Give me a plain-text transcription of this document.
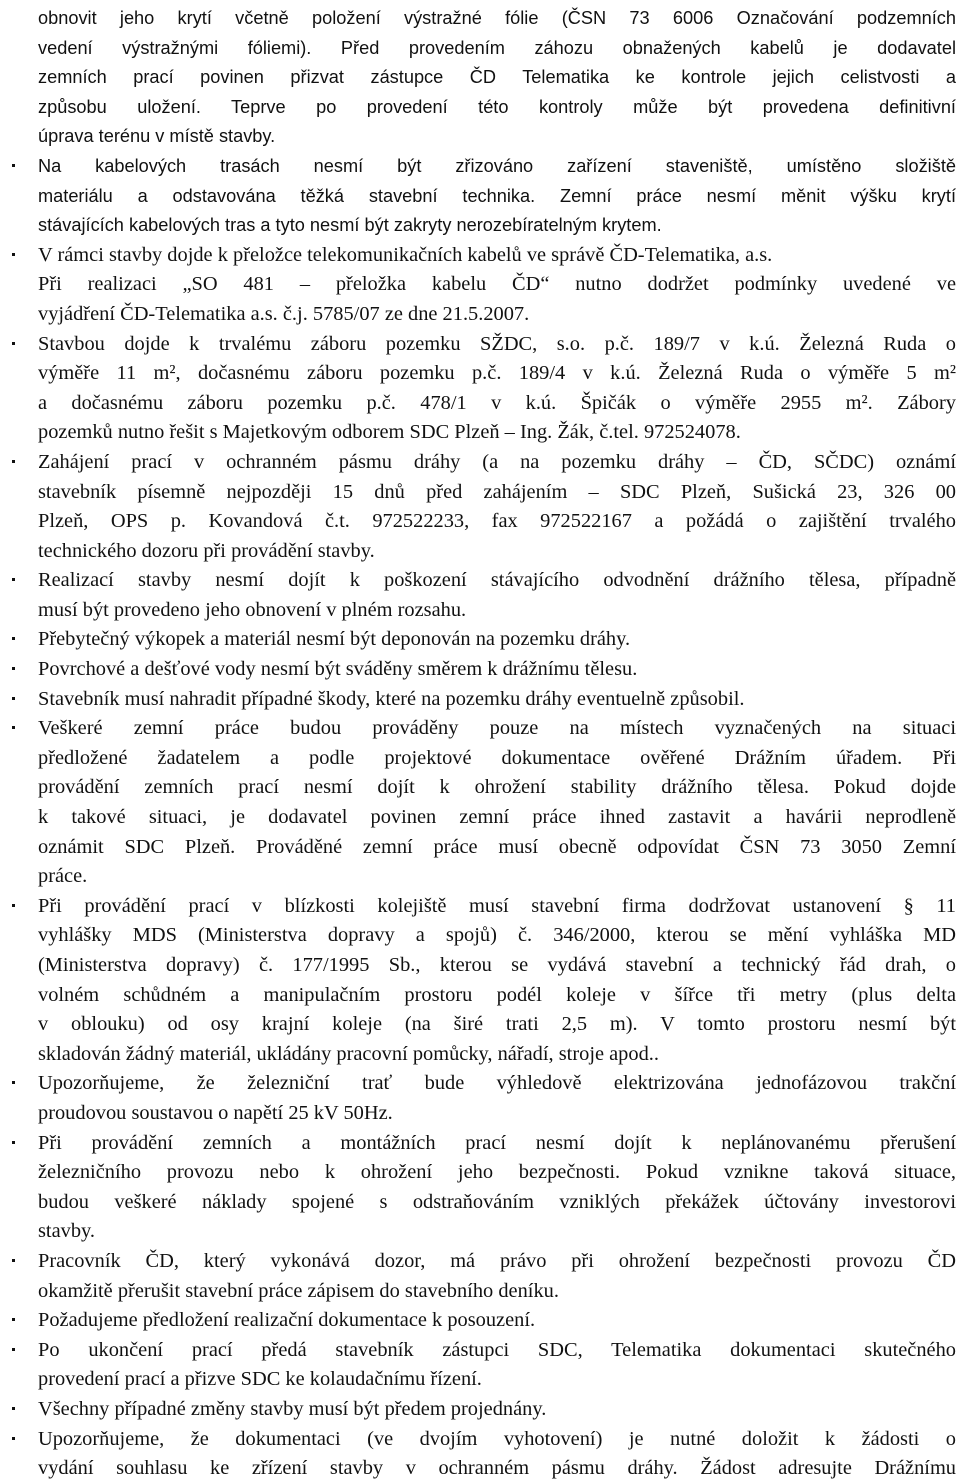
obnovit jeho krytí včetně položení výstražné fólie (ČSN 73 6006 Označování podzemních
vedení výstražnými fóliemi). Před provedením záhozu obnažených kabelů je dodavatel
zemních prací povinen přizvat zástupce ČD Telematika ke kontrole jejich celistvosti a
způsobu uložení. Teprve po provedení této kontroly může být provedena definitivní
úprava terénu v místě stavby.
Na kabelových trasách nesmí být zřizováno zařízení staveniště, umístěno složiště
materiálu a odstavována těžká stavební technika. Zemní práce nesmí měnit výšku krytí
stávajících kabelových tras a tyto nesmí být zakryty nerozebíratelným krytem.
V rámci stavby dojde k přeložce telekomunikačních kabelů ve správě ČD-Telematika, a.s.
Při realizaci „SO 481 – přeložka kabelu ČD“ nutno dodržet podmínky uvedené ve
vyjádření ČD-Telematika a.s. č.j. 5785/07 ze dne 21.5.2007.
Stavbou dojde k trvalému záboru pozemku SŽDC, s.o. p.č. 189/7 v k.ú. Železná Ruda o
výměře 11 m², dočasnému záboru pozemku p.č. 189/4 v k.ú. Železná Ruda o výměře 5 m²
a dočasnému záboru pozemku p.č. 478/1 v k.ú. Špičák o výměře 2955 m². Zábory
pozemků nutno řešit s Majetkovým odborem SDC Plzeň – Ing. Žák, č.tel. 972524078.
Zahájení prací v ochranném pásmu dráhy (a na pozemku dráhy – ČD, SČDC) oznámí
stavebník písemně nejpozději 15 dnů před zahájením – SDC Plzeň, Sušická 23, 326 00
Plzeň, OPS p. Kovandová č.t. 972522233, fax 972522167 a požádá o zajištění trvalého
technického dozoru při provádění stavby.
Realizací stavby nesmí dojít k poškození stávajícího odvodnění drážního tělesa, případně
musí být provedeno jeho obnovení v plném rozsahu.
Přebytečný výkopek a materiál nesmí být deponován na pozemku dráhy.
Povrchové a dešťové vody nesmí být sváděny směrem k drážnímu tělesu.
Stavebník musí nahradit případné škody, které na pozemku dráhy eventuelně způsobil.
Veškeré zemní práce budou prováděny pouze na místech vyznačených na situaci
předložené žadatelem a podle projektové dokumentace ověřené Drážním úřadem. Při
provádění zemních prací nesmí dojít k ohrožení stability drážního tělesa. Pokud dojde
k takové situaci, je dodavatel povinen zemní práce ihned zastavit a havárii neprodleně
oznámit SDC Plzeň. Prováděné zemní práce musí obecně odpovídat ČSN 73 3050 Zemní
práce.
Při provádění prací v blízkosti kolejiště musí stavební firma dodržovat ustanovení § 11
vyhlášky MDS (Ministerstva dopravy a spojů) č. 346/2000, kterou se mění vyhláška MD
(Ministerstva dopravy) č. 177/1995 Sb., kterou se vydává stavební a technický řád drah, o
volném schůdném a manipulačním prostoru podél koleje v šířce tři metry (plus delta
v oblouku) od osy krajní koleje (na širé trati 2,5 m). V tomto prostoru nesmí být
skladován žádný materiál, ukládány pracovní pomůcky, nářadí, stroje apod..
Upozorňujeme, že železniční trať bude výhledově elektrizována jednofázovou trakční
proudovou soustavou o napětí 25 kV 50Hz.
Při provádění zemních a montážních prací nesmí dojít k neplánovanému přerušení
železničního provozu nebo k ohrožení jeho bezpečnosti. Pokud vznikne taková situace,
budou veškeré náklady spojené s odstraňováním vzniklých překážek účtovány investorovi
stavby.
Pracovník ČD, který vykonává dozor, má právo při ohrožení bezpečnosti provozu ČD
okamžitě přerušit stavební práce zápisem do stavebního deníku.
Požadujeme předložení realizační dokumentace k posouzení.
Po ukončení prací předá stavebník zástupci SDC, Telematika dokumentaci skutečného
provedení prací a přizve SDC ke kolaudačnímu řízení.
Všechny případné změny stavby musí být předem projednány.
Upozorňujeme, že dokumentaci (ve dvojím vyhotovení) je nutné doložit k žádosti o
vydání souhlasu ke zřízení stavby v ochranném pásmu dráhy. Žádost adresujte Drážnímu
